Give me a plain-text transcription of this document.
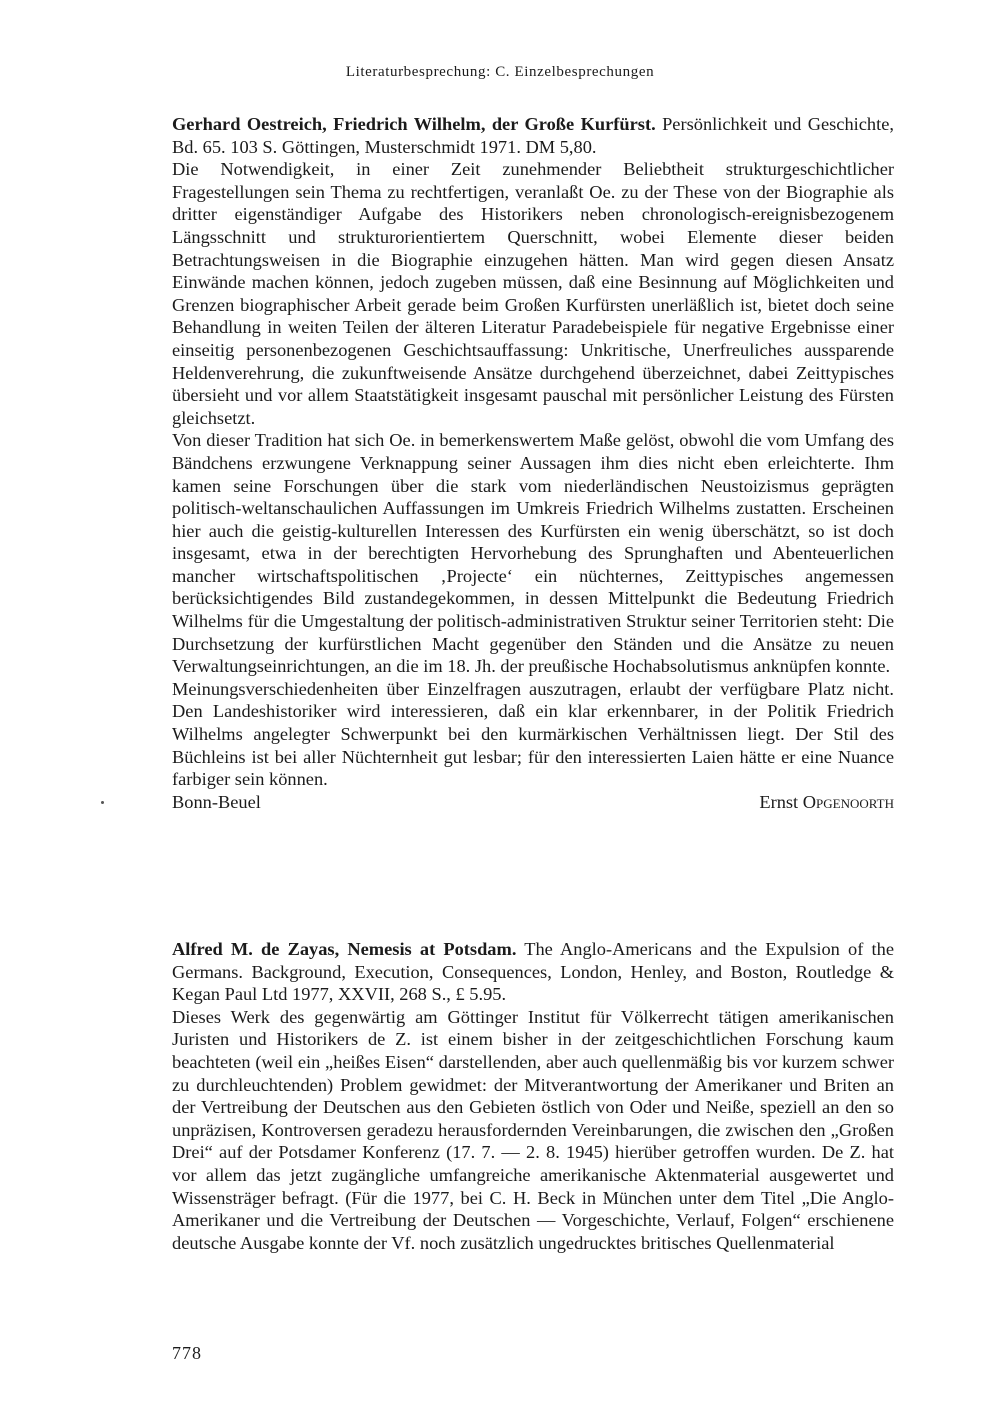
Literaturbesprechung: C. Einzelbesprechungen

Gerhard Oestreich, Friedrich Wilhelm, der Große Kurfürst. Persönlichkeit und Geschichte, Bd. 65. 103 S. Göttingen, Musterschmidt 1971. DM 5,80.

Die Notwendigkeit, in einer Zeit zunehmender Beliebtheit strukturgeschichtlicher Fragestellungen sein Thema zu rechtfertigen, veranlaßt Oe. zu der These von der Biographie als dritter eigenständiger Aufgabe des Historikers neben chronologisch-ereignisbezogenem Längsschnitt und strukturorientiertem Querschnitt, wobei Elemente dieser beiden Betrachtungsweisen in die Biographie einzugehen hätten. Man wird gegen diesen Ansatz Einwände machen können, jedoch zugeben müssen, daß eine Besinnung auf Möglichkeiten und Grenzen biographischer Arbeit gerade beim Großen Kurfürsten unerläßlich ist, bietet doch seine Behandlung in weiten Teilen der älteren Literatur Paradebeispiele für negative Ergebnisse einer einseitig personenbezogenen Geschichtsauffassung: Unkritische, Unerfreuliches aussparende Heldenverehrung, die zukunftweisende Ansätze durchgehend überzeichnet, dabei Zeittypisches übersieht und vor allem Staatstätigkeit insgesamt pauschal mit persönlicher Leistung des Fürsten gleichsetzt.

Von dieser Tradition hat sich Oe. in bemerkenswertem Maße gelöst, obwohl die vom Umfang des Bändchens erzwungene Verknappung seiner Aussagen ihm dies nicht eben erleichterte. Ihm kamen seine Forschungen über die stark vom niederländischen Neustoizismus geprägten politisch-weltanschaulichen Auffassungen im Umkreis Friedrich Wilhelms zustatten. Erscheinen hier auch die geistig-kulturellen Interessen des Kurfürsten ein wenig überschätzt, so ist doch insgesamt, etwa in der berechtigten Hervorhebung des Sprunghaften und Abenteuerlichen mancher wirtschaftspolitischen ‚Projecte‘ ein nüchternes, Zeittypisches angemessen berücksichtigendes Bild zustandegekommen, in dessen Mittelpunkt die Bedeutung Friedrich Wilhelms für die Umgestaltung der politisch-administrativen Struktur seiner Territorien steht: Die Durchsetzung der kurfürstlichen Macht gegenüber den Ständen und die Ansätze zu neuen Verwaltungseinrichtungen, an die im 18. Jh. der preußische Hochabsolutismus anknüpfen konnte.

Meinungsverschiedenheiten über Einzelfragen auszutragen, erlaubt der verfügbare Platz nicht. Den Landeshistoriker wird interessieren, daß ein klar erkennbarer, in der Politik Friedrich Wilhelms angelegter Schwerpunkt bei den kurmärkischen Verhältnissen liegt. Der Stil des Büchleins ist bei aller Nüchternheit gut lesbar; für den interessierten Laien hätte er eine Nuance farbiger sein können.

Bonn-Beuel	Ernst Opgenoorth

Alfred M. de Zayas, Nemesis at Potsdam. The Anglo-Americans and the Expulsion of the Germans. Background, Execution, Consequences, London, Henley, and Boston, Routledge & Kegan Paul Ltd 1977, XXVII, 268 S., £ 5.95.

Dieses Werk des gegenwärtig am Göttinger Institut für Völkerrecht tätigen amerikanischen Juristen und Historikers de Z. ist einem bisher in der zeitgeschichtlichen Forschung kaum beachteten (weil ein „heißes Eisen“ darstellenden, aber auch quellenmäßig bis vor kurzem schwer zu durchleuchtenden) Problem gewidmet: der Mitverantwortung der Amerikaner und Briten an der Vertreibung der Deutschen aus den Gebieten östlich von Oder und Neiße, speziell an den so unpräzisen, Kontroversen geradezu herausfordernden Vereinbarungen, die zwischen den „Großen Drei“ auf der Potsdamer Konferenz (17. 7. — 2. 8. 1945) hierüber getroffen wurden. De Z. hat vor allem das jetzt zugängliche umfangreiche amerikanische Aktenmaterial ausgewertet und Wissensträger befragt. (Für die 1977, bei C. H. Beck in München unter dem Titel „Die Anglo-Amerikaner und die Vertreibung der Deutschen — Vorgeschichte, Verlauf, Folgen“ erschienene deutsche Ausgabe konnte der Vf. noch zusätzlich ungedrucktes britisches Quellenmaterial

778
